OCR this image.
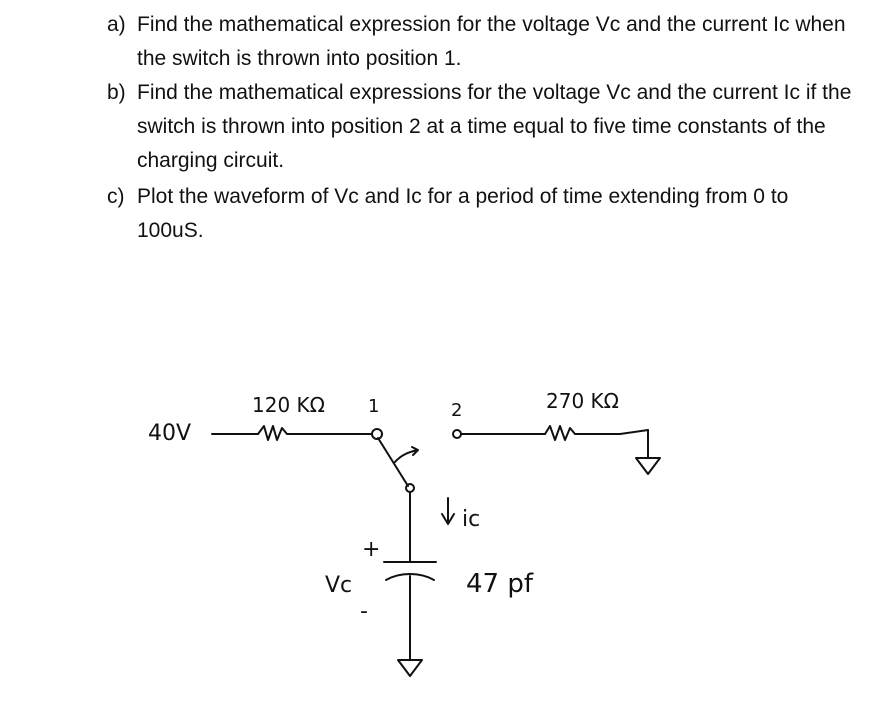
a) Find the mathematical expression for the voltage Vc and the current Ic when the switch is thrown into position 1.
b) Find the mathematical expressions for the voltage Vc and the current Ic if the switch is thrown into position 2 at a time equal to five time constants of the charging circuit.
c) Plot the waveform of Vc and Ic for a period of time extending from 0 to 100uS.
40V
120 KΩ 1	2	270 KΩ
ic
+
Vc
-
47 pf
